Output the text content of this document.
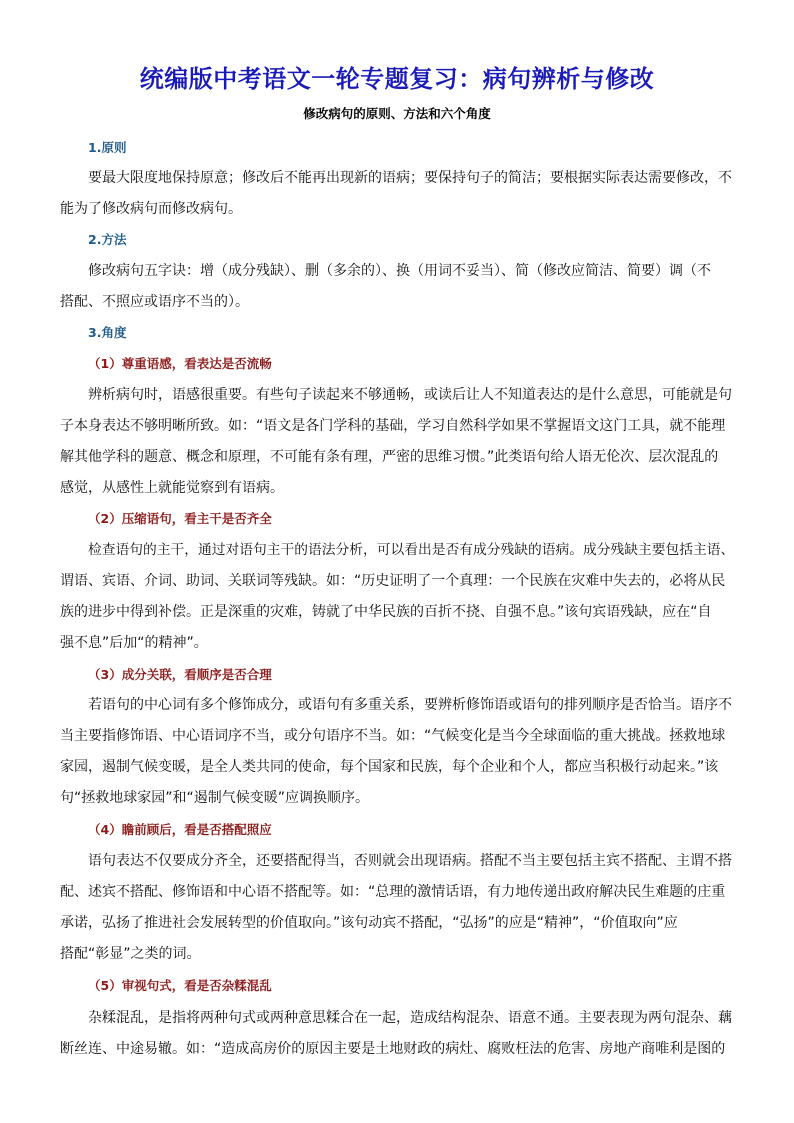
统编版中考语文一轮专题复习：病句辨析与修改
修改病句的原则、方法和六个角度
1.原则
要最大限度地保持原意；修改后不能再出现新的语病；要保持句子的简洁；要根据实际表达需要修改，不
能为了修改病句而修改病句。
2.方法
修改病句五字诀：增（成分残缺）、删（多余的）、换（用词不妥当）、简（修改应简洁、简要）调（不
搭配、不照应或语序不当的）。
3.角度
（1）尊重语感，看表达是否流畅
辨析病句时，语感很重要。有些句子读起来不够通畅，或读后让人不知道表达的是什么意思，可能就是句
子本身表达不够明晰所致。如：“语文是各门学科的基础，学习自然科学如果不掌握语文这门工具，就不能理
解其他学科的题意、概念和原理，不可能有条有理，严密的思维习惯。”此类语句给人语无伦次、层次混乱的
感觉，从感性上就能觉察到有语病。
（2）压缩语句，看主干是否齐全
检查语句的主干，通过对语句主干的语法分析，可以看出是否有成分残缺的语病。成分残缺主要包括主语、
谓语、宾语、介词、助词、关联词等残缺。如：“历史证明了一个真理：一个民族在灾难中失去的，必将从民
族的进步中得到补偿。正是深重的灾难，铸就了中华民族的百折不挠、自强不息。”该句宾语残缺，应在“自
强不息”后加“的精神”。
（3）成分关联，看顺序是否合理
若语句的中心词有多个修饰成分，或语句有多重关系，要辨析修饰语或语句的排列顺序是否恰当。语序不
当主要指修饰语、中心语词序不当，或分句语序不当。如：“气候变化是当今全球面临的重大挑战。拯救地球
家园，遏制气候变暖，是全人类共同的使命，每个国家和民族，每个企业和个人，都应当积极行动起来。”该
句“拯救地球家园”和“遏制气候变暖”应调换顺序。
（4）瞻前顾后，看是否搭配照应
语句表达不仅要成分齐全，还要搭配得当，否则就会出现语病。搭配不当主要包括主宾不搭配、主谓不搭
配、述宾不搭配、修饰语和中心语不搭配等。如：“总理的激情话语，有力地传递出政府解决民生难题的庄重
承诺，弘扬了推进社会发展转型的价值取向。”该句动宾不搭配，“弘扬”的应是“精神”，“价值取向”应
搭配“彰显”之类的词。
（5）审视句式，看是否杂糅混乱
杂糅混乱，是指将两种句式或两种意思糅合在一起，造成结构混杂、语意不通。主要表现为两句混杂、藕
断丝连、中途易辙。如：“造成高房价的原因主要是土地财政的病灶、腐败枉法的危害、房地产商唯利是图的
